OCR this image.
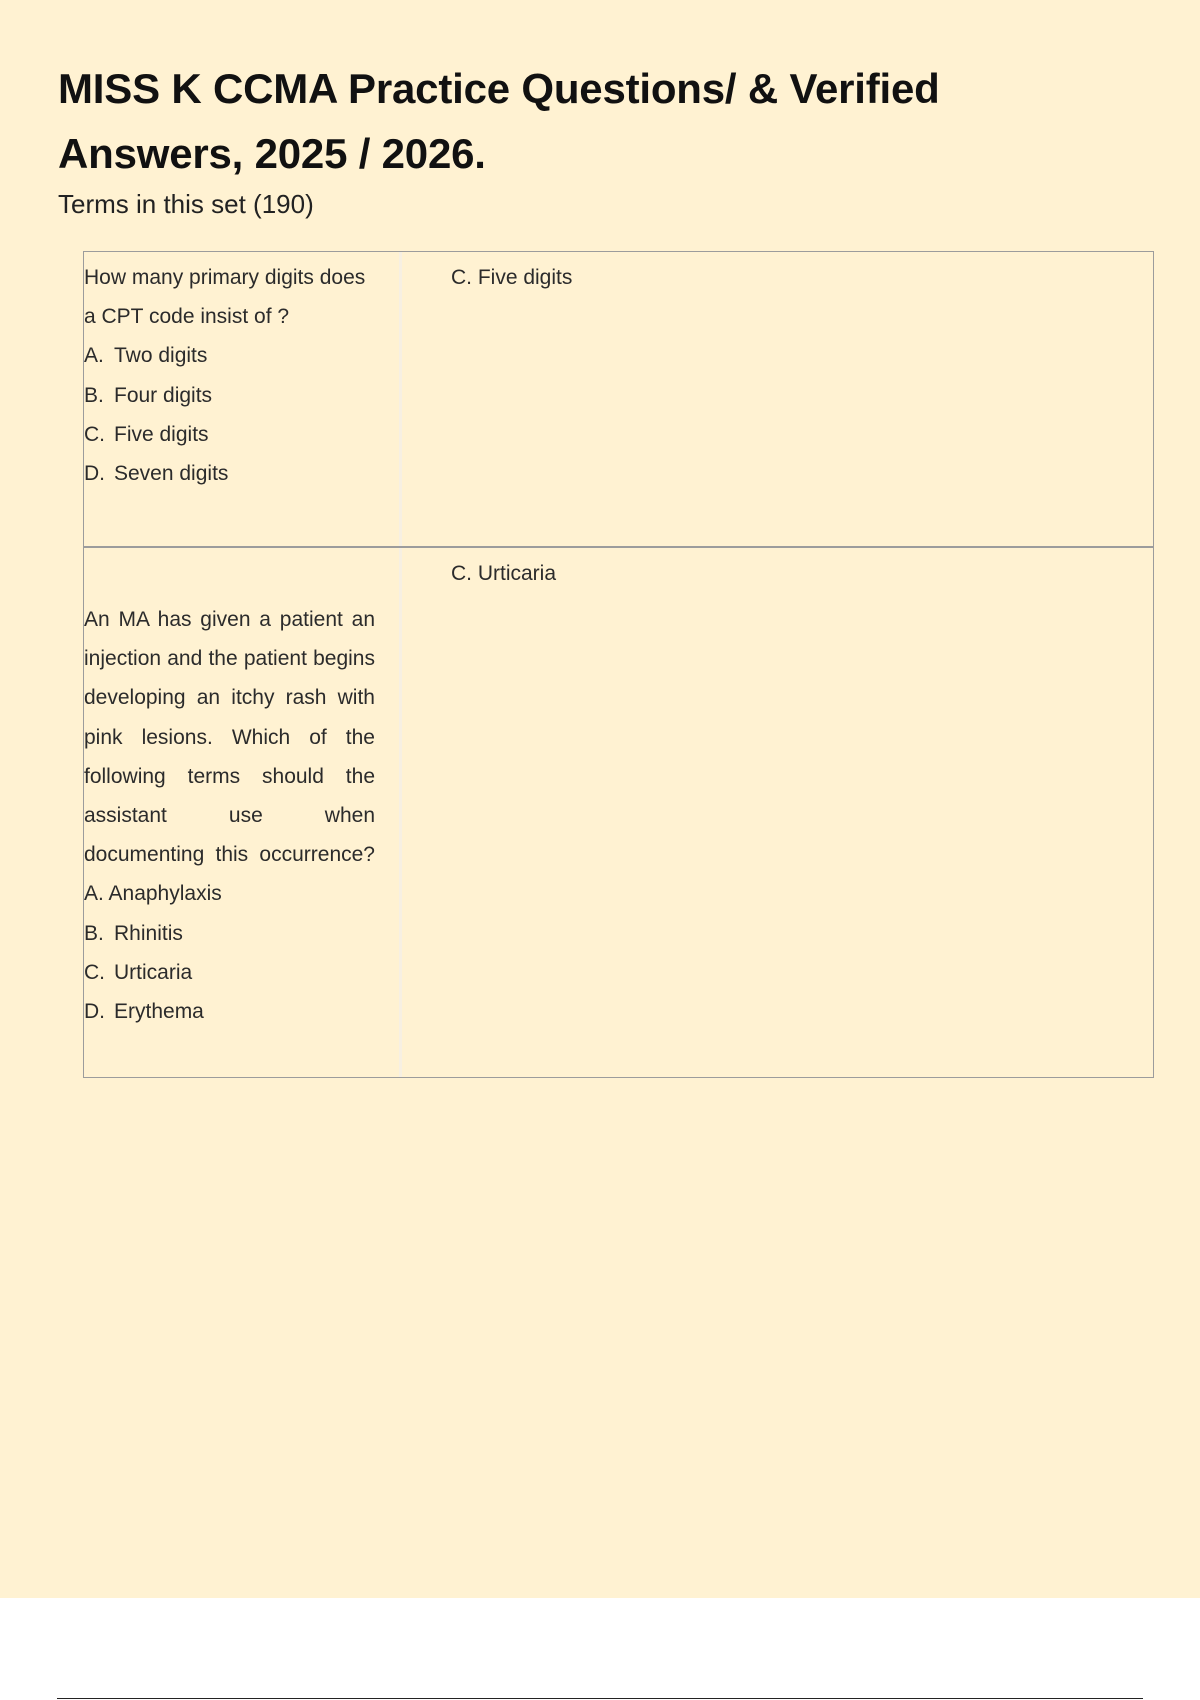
MISS K CCMA Practice Questions/ & Verified Answers, 2025 / 2026.

Terms in this set (190)

How many primary digits does a CPT code insist of ?

A. Two digits
B. Four digits
C. Five digits
D. Seven digits
C. Five digits

An MA has given a patient an injection and the patient begins developing an itchy rash with pink lesions. Which of the following terms should the assistant use when documenting this occurrence? A. Anaphylaxis

B. Rhinitis
C. Urticaria
D. Erythema
C. Urticaria
